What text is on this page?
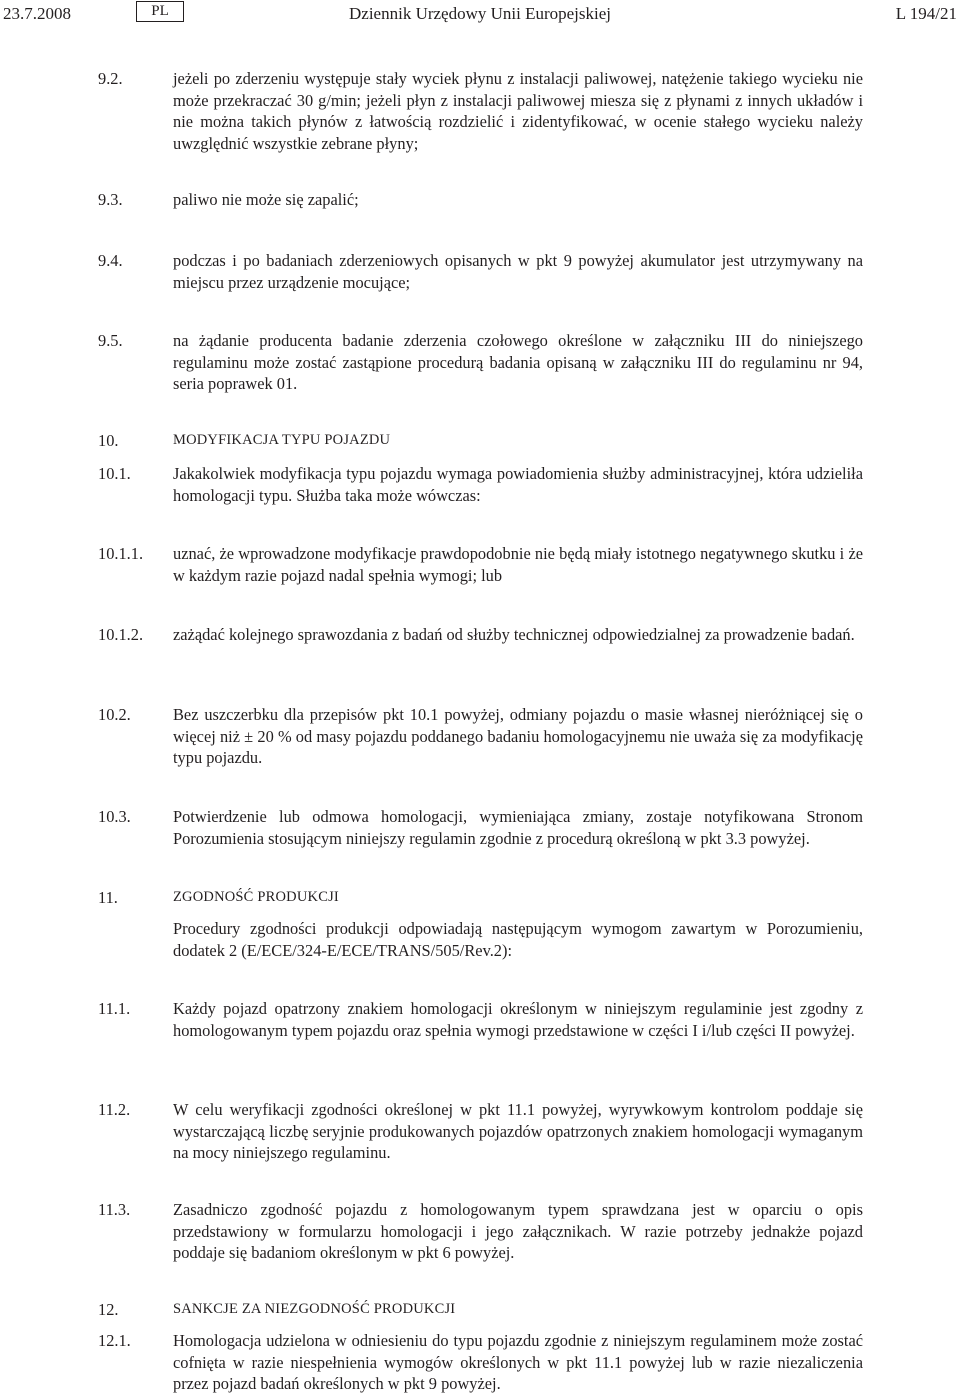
23.7.2008	PL	Dziennik Urzędowy Unii Europejskiej	L 194/21
9.2.	jeżeli po zderzeniu występuje stały wyciek płynu z instalacji paliwowej, natężenie takiego wycieku nie może przekraczać 30 g/min; jeżeli płyn z instalacji paliwowej miesza się z płynami z innych układów i nie można takich płynów z łatwością rozdzielić i zidentyfikować, w ocenie stałego wycieku należy uwzględnić wszystkie zebrane płyny;
9.3.	paliwo nie może się zapalić;
9.4.	podczas i po badaniach zderzeniowych opisanych w pkt 9 powyżej akumulator jest utrzymywany na miejscu przez urządzenie mocujące;
9.5.	na żądanie producenta badanie zderzenia czołowego określone w załączniku III do niniejszego regulaminu może zostać zastąpione procedurą badania opisaną w załączniku III do regulaminu nr 94, seria poprawek 01.
10.	MODYFIKACJA TYPU POJAZDU
10.1.	Jakakolwiek modyfikacja typu pojazdu wymaga powiadomienia służby administracyjnej, która udzieliła homologacji typu. Służba taka może wówczas:
10.1.1. uznać, że wprowadzone modyfikacje prawdopodobnie nie będą miały istotnego negatywnego skutku i że w każdym razie pojazd nadal spełnia wymogi; lub
10.1.2. zażądać kolejnego sprawozdania z badań od służby technicznej odpowiedzialnej za prowadzenie badań.
10.2.	Bez uszczerbku dla przepisów pkt 10.1 powyżej, odmiany pojazdu o masie własnej nieróżniącej się o więcej niż ± 20 % od masy pojazdu poddanego badaniu homologacyjnemu nie uważa się za modyfikację typu pojazdu.
10.3.	Potwierdzenie lub odmowa homologacji, wymieniająca zmiany, zostaje notyfikowana Stronom Porozumienia stosującym niniejszy regulamin zgodnie z procedurą określoną w pkt 3.3 powyżej.
11.	ZGODNOŚĆ PRODUKCJI
Procedury zgodności produkcji odpowiadają następującym wymogom zawartym w Porozumieniu, dodatek 2 (E/ECE/324-E/ECE/TRANS/505/Rev.2):
11.1.	Każdy pojazd opatrzony znakiem homologacji określonym w niniejszym regulaminie jest zgodny z homologowanym typem pojazdu oraz spełnia wymogi przedstawione w części I i/lub części II powyżej.
11.2.	W celu weryfikacji zgodności określonej w pkt 11.1 powyżej, wyrywkowym kontrolom poddaje się wystarczającą liczbę seryjnie produkowanych pojazdów opatrzonych znakiem homologacji wymaganym na mocy niniejszego regulaminu.
11.3.	Zasadniczo zgodność pojazdu z homologowanym typem sprawdzana jest w oparciu o opis przedstawiony w formularzu homologacji i jego załącznikach. W razie potrzeby jednakże pojazd poddaje się badaniom określonym w pkt 6 powyżej.
12.	SANKCJE ZA NIEZGODNOŚĆ PRODUKCJI
12.1.	Homologacja udzielona w odniesieniu do typu pojazdu zgodnie z niniejszym regulaminem może zostać cofnięta w razie niespełnienia wymogów określonych w pkt 11.1 powyżej lub w razie niezaliczenia przez pojazd badań określonych w pkt 9 powyżej.
